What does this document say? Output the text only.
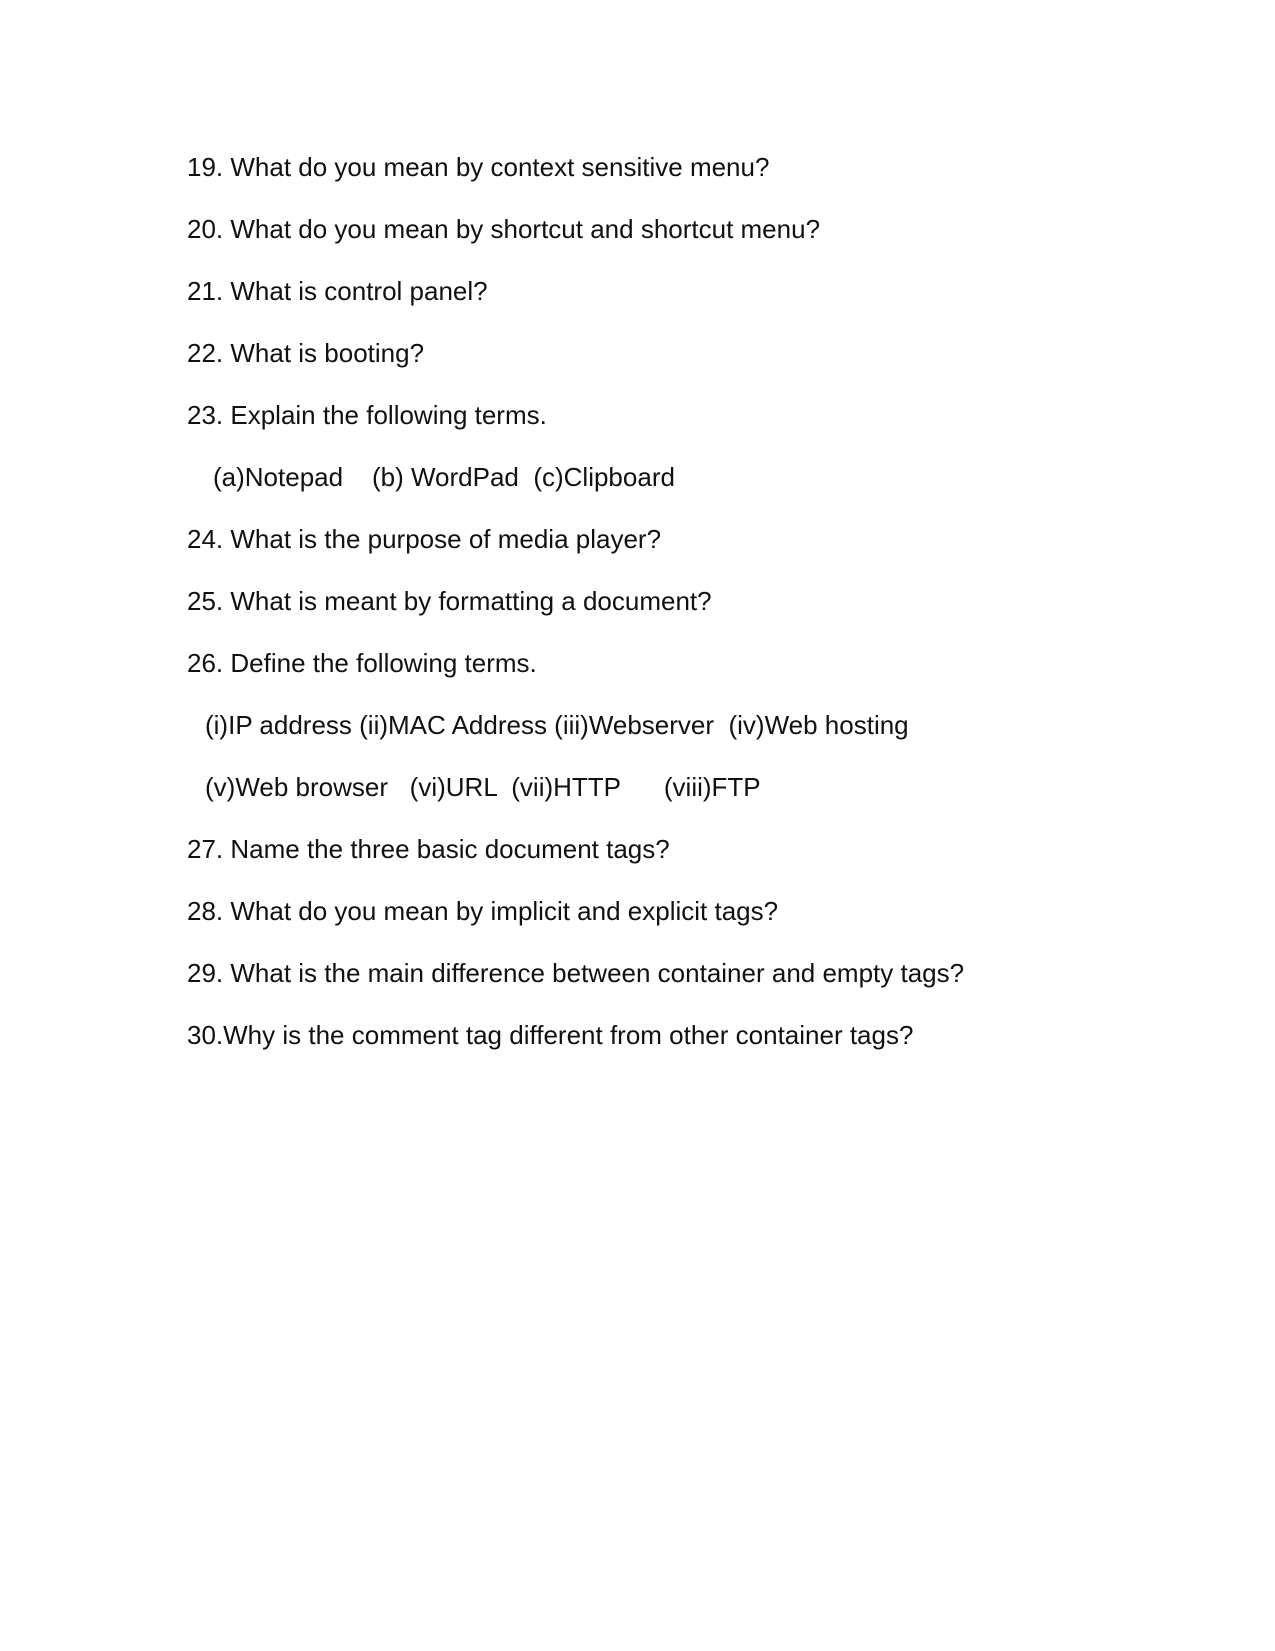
19. What do you mean by context sensitive menu?
20. What do you mean by shortcut and shortcut menu?
21. What is control panel?
22. What is booting?
23. Explain the following terms.
(a)Notepad    (b) WordPad  (c)Clipboard
24. What is the purpose of media player?
25. What is meant by formatting a document?
26. Define the following terms.
(i)IP address (ii)MAC Address (iii)Webserver  (iv)Web hosting
(v)Web browser   (vi)URL  (vii)HTTP      (viii)FTP
27. Name the three basic document tags?
28. What do you mean by implicit and explicit tags?
29. What is the main difference between container and empty tags?
30.Why is the comment tag different from other container tags?
